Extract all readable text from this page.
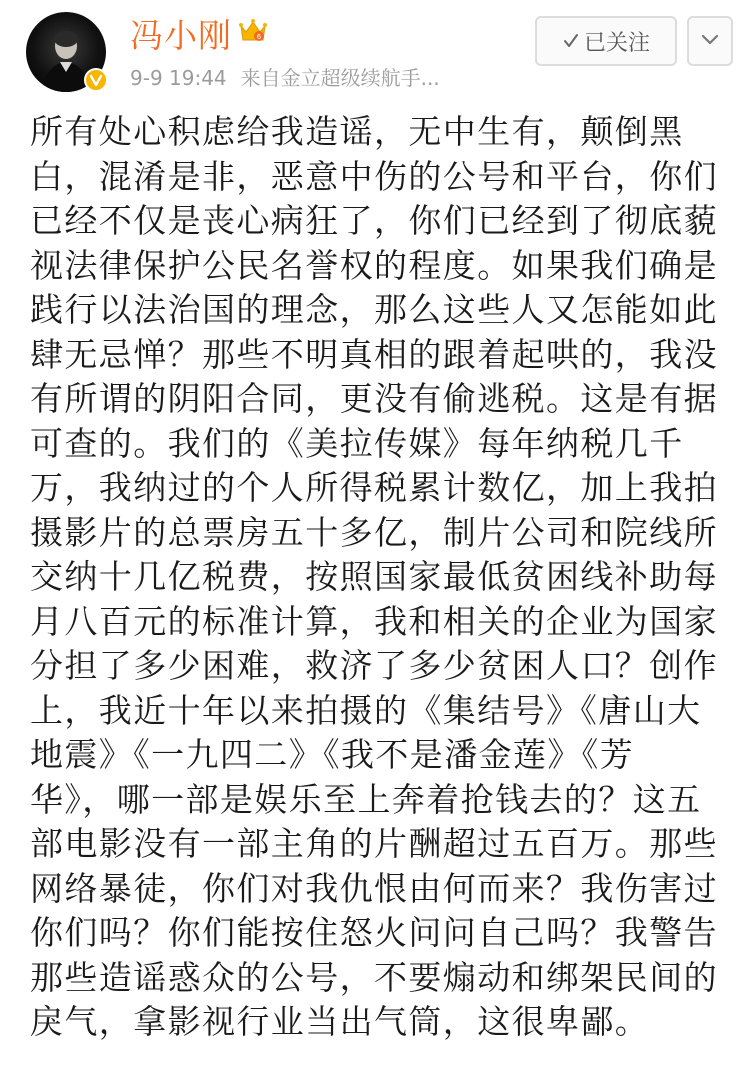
冯小刚	6
9-9 19:44 来自金立超级续航手...
已关注
所有处心积虑给我造谣，无中生有，颠倒黑
白，混淆是非，恶意中伤的公号和平台，你们
已经不仅是丧心病狂了，你们已经到了彻底藐
视法律保护公民名誉权的程度。如果我们确是
践行以法治国的理念，那么这些人又怎能如此
肆无忌惮？那些不明真相的跟着起哄的，我没
有所谓的阴阳合同，更没有偷逃税。这是有据
可查的。我们的《美拉传媒》每年纳税几千
万，我纳过的个人所得税累计数亿，加上我拍
摄影片的总票房五十多亿，制片公司和院线所
交纳十几亿税费，按照国家最低贫困线补助每
月八百元的标准计算，我和相关的企业为国家
分担了多少困难，救济了多少贫困人口？创作
上，我近十年以来拍摄的《集结号》《唐山大
地震》《一九四二》《我不是潘金莲》《芳
华》，哪一部是娱乐至上奔着抢钱去的？这五
部电影没有一部主角的片酬超过五百万。那些
网络暴徒，你们对我仇恨由何而来？我伤害过
你们吗？你们能按住怒火问问自己吗？我警告
那些造谣惑众的公号，不要煽动和绑架民间的
戾气，拿影视行业当出气筒，这很卑鄙。
